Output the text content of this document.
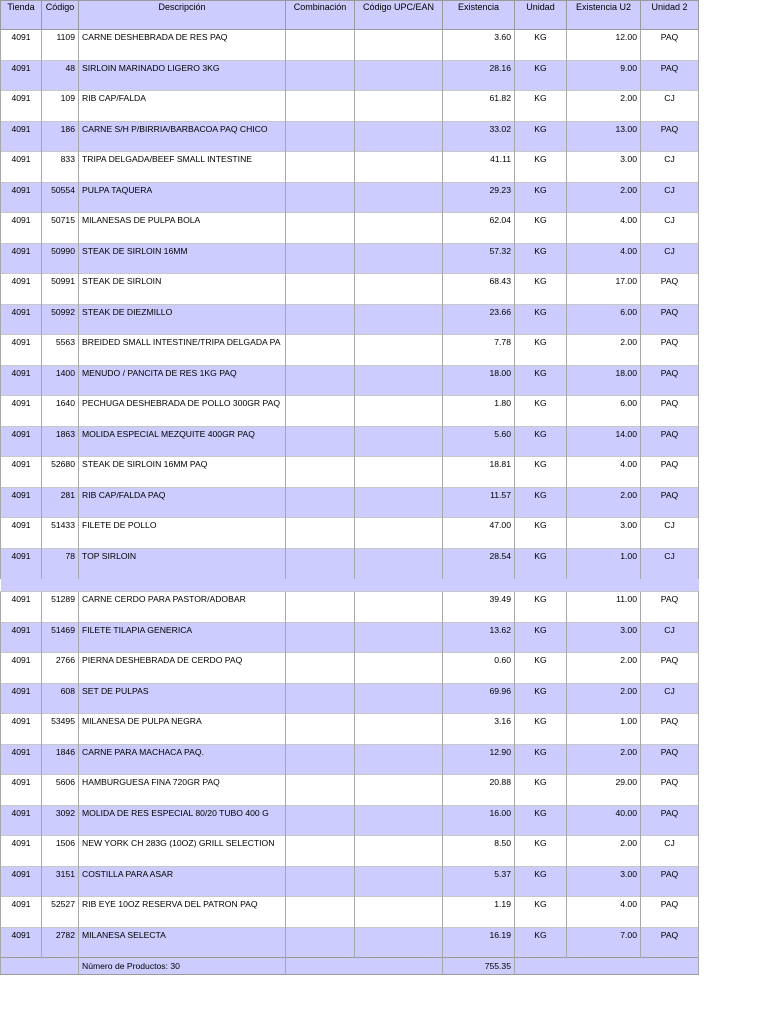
Tienda	Código	Descripción	Combinación	Código UPC/EAN	Existencia	Unidad	Existencia U2	Unidad 2
4091	1109	CARNE DESHEBRADA DE RES PAQ			3.60	KG	12.00	PAQ
4091	48	SIRLOIN MARINADO LIGERO 3KG			28.16	KG	9.00	PAQ
4091	109	RIB CAP/FALDA			61.82	KG	2.00	CJ
4091	186	CARNE S/H P/BIRRIA/BARBACOA PAQ CHICO			33.02	KG	13.00	PAQ
4091	833	TRIPA DELGADA/BEEF SMALL INTESTINE			41.11	KG	3.00	CJ
4091	50554	PULPA TAQUERA			29.23	KG	2.00	CJ
4091	50715	MILANESAS DE PULPA BOLA			62.04	KG	4.00	CJ
4091	50990	STEAK DE SIRLOIN 16MM			57.32	KG	4.00	CJ
4091	50991	STEAK DE SIRLOIN			68.43	KG	17.00	PAQ
4091	50992	STEAK DE DIEZMILLO			23.66	KG	6.00	PAQ
4091	5563	BREIDED SMALL INTESTINE/TRIPA DELGADA PA			7.78	KG	2.00	PAQ
4091	1400	MENUDO / PANCITA DE RES 1KG PAQ			18.00	KG	18.00	PAQ
4091	1640	PECHUGA DESHEBRADA DE POLLO 300GR PAQ			1.80	KG	6.00	PAQ
4091	1863	MOLIDA ESPECIAL MEZQUITE 400GR PAQ			5.60	KG	14.00	PAQ
4091	52680	STEAK DE SIRLOIN 16MM PAQ			18.81	KG	4.00	PAQ
4091	281	RIB CAP/FALDA PAQ			11.57	KG	2.00	PAQ
4091	51433	FILETE DE POLLO			47.00	KG	3.00	CJ
4091	78	TOP SIRLOIN			28.54	KG	1.00	CJ

4091	51289	CARNE CERDO PARA PASTOR/ADOBAR			39.49	KG	11.00	PAQ
4091	51469	FILETE TILAPIA GENERICA			13.62	KG	3.00	CJ
4091	2766	PIERNA DESHEBRADA DE CERDO PAQ			0.60	KG	2.00	PAQ
4091	608	SET DE PULPAS			69.96	KG	2.00	CJ
4091	53495	MILANESA DE PULPA NEGRA			3.16	KG	1.00	PAQ
4091	1846	CARNE PARA MACHACA PAQ.			12.90	KG	2.00	PAQ
4091	5606	HAMBURGUESA FINA 720GR PAQ			20.88	KG	29.00	PAQ
4091	3092	MOLIDA DE RES ESPECIAL 80/20 TUBO 400 G			16.00	KG	40.00	PAQ
4091	1506	NEW YORK CH 283G (10OZ) GRILL SELECTION			8.50	KG	2.00	CJ
4091	3151	COSTILLA PARA ASAR			5.37	KG	3.00	PAQ
4091	52527	RIB EYE 10OZ RESERVA DEL PATRON PAQ			1.19	KG	4.00	PAQ
4091	2782	MILANESA SELECTA			16.19	KG	7.00	PAQ
		Número de Productos: 30			755.35			
